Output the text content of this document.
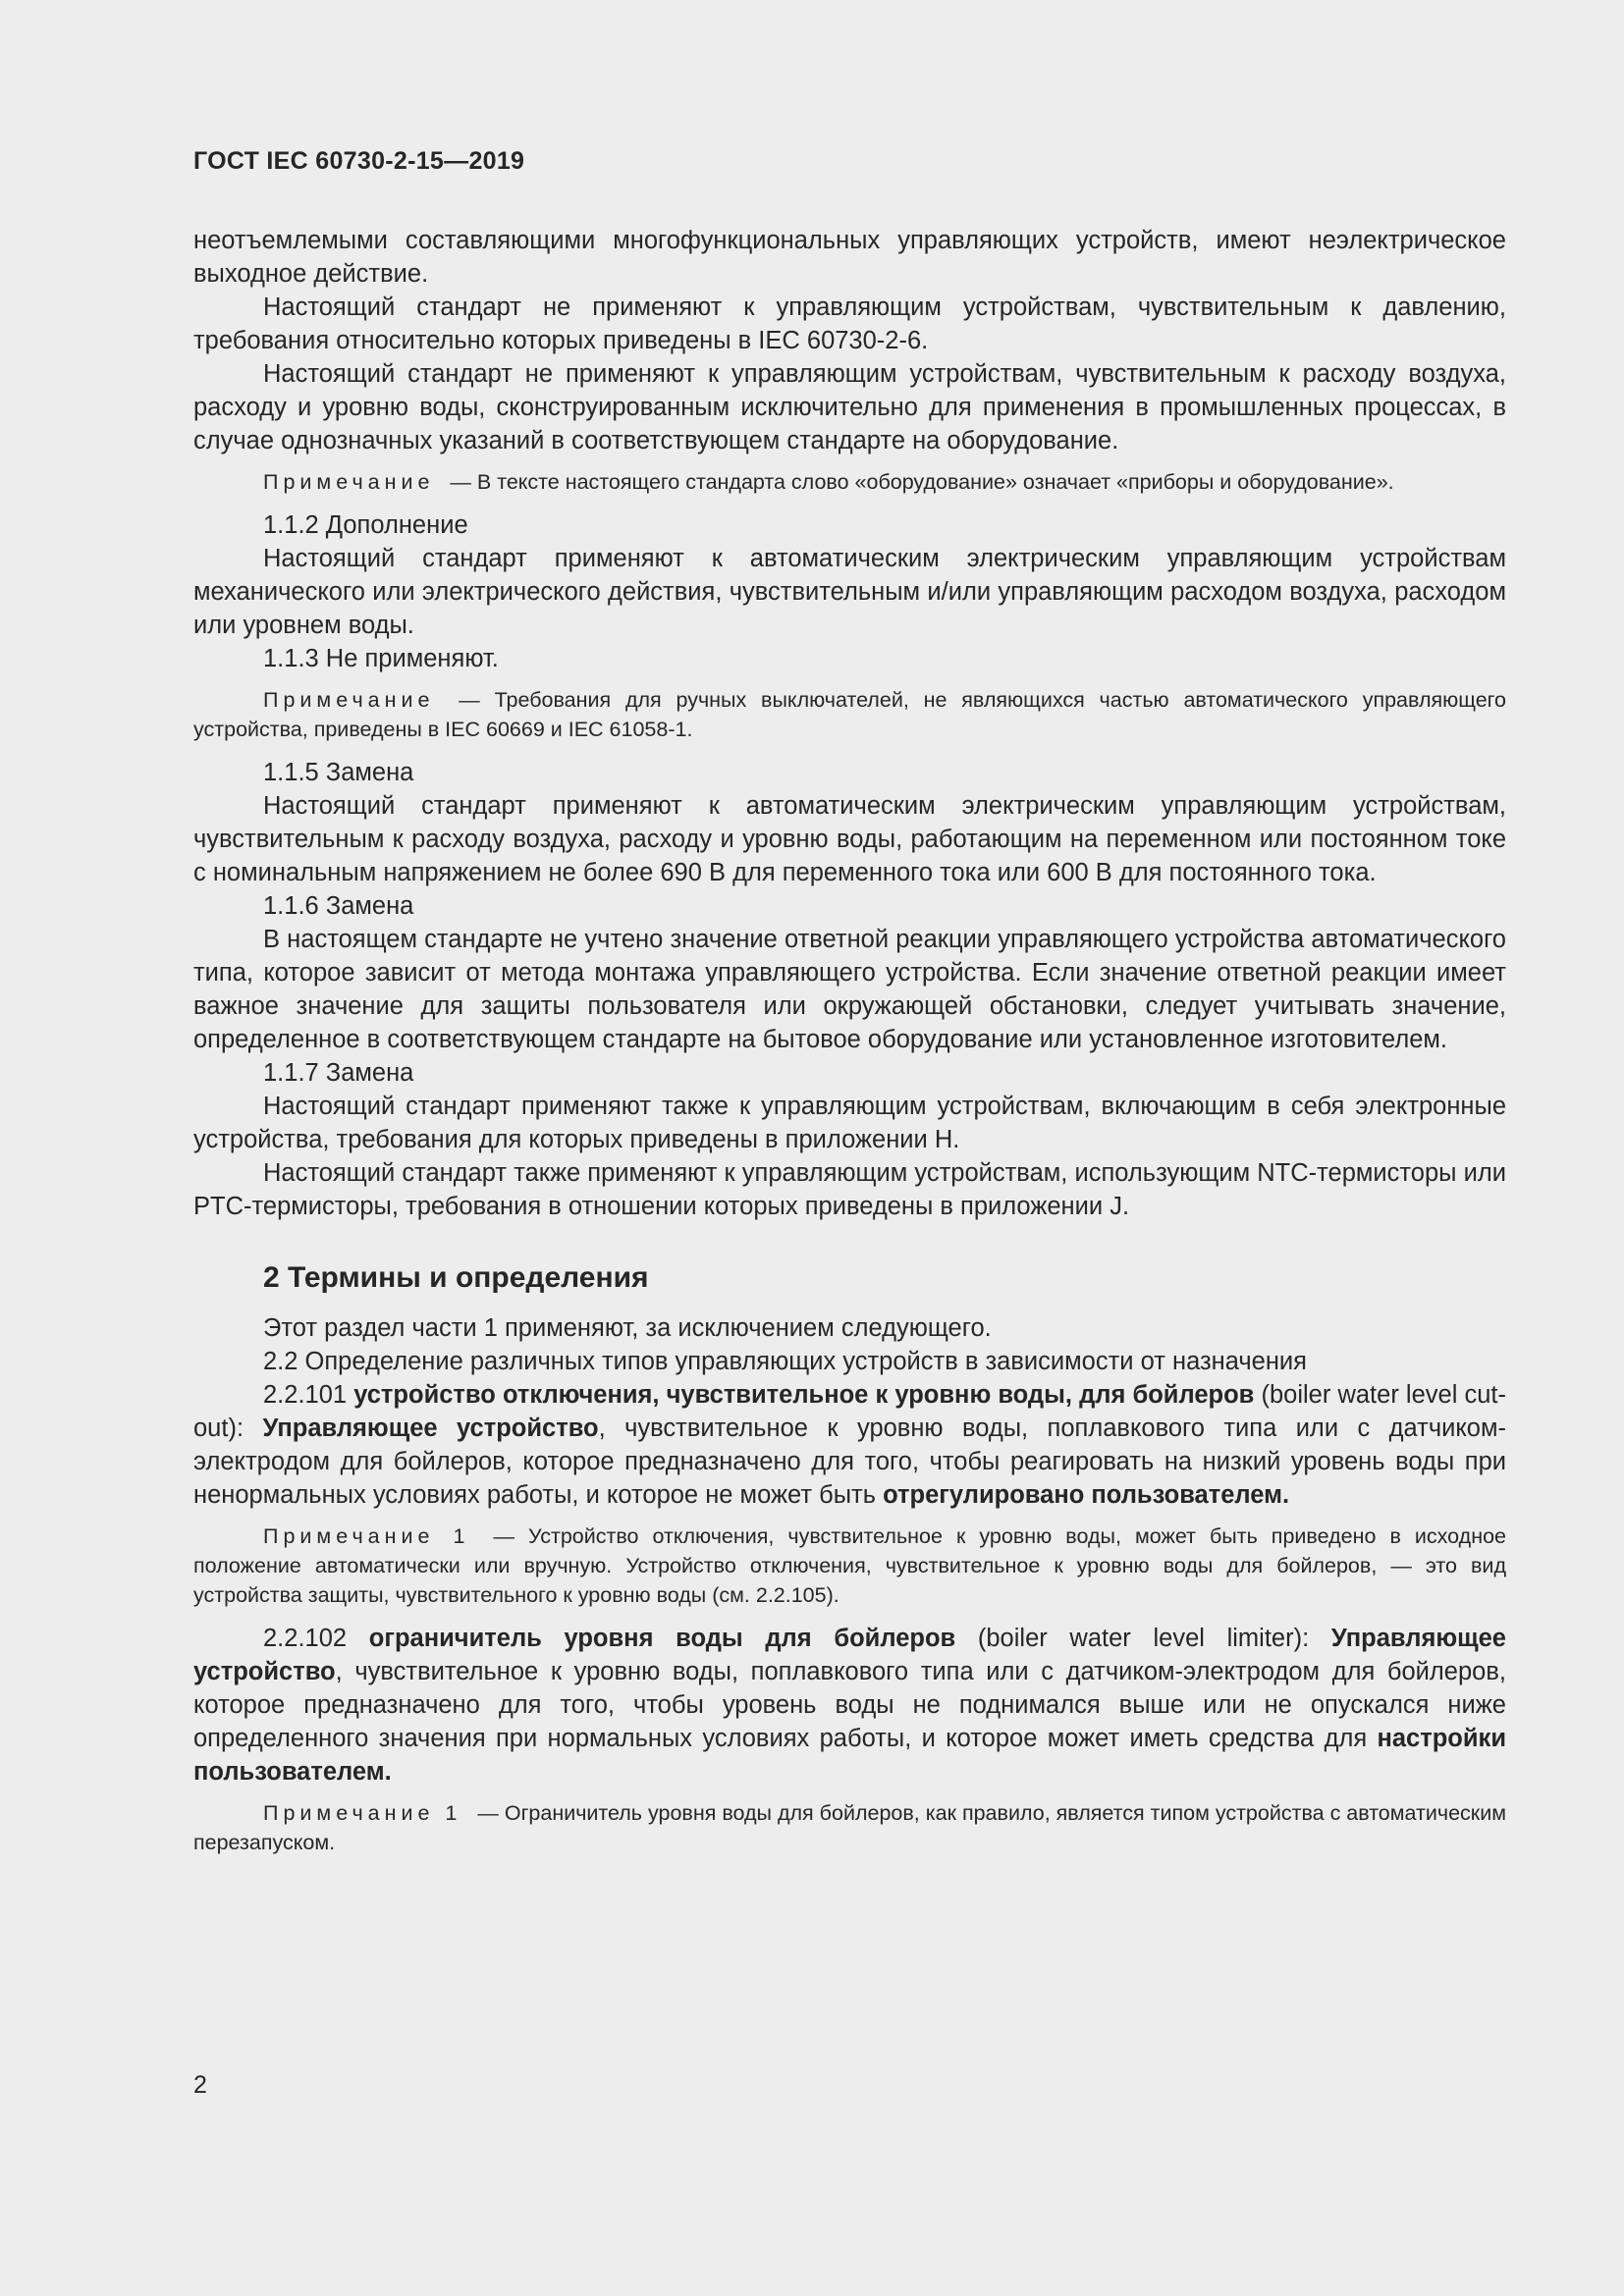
ГОСТ IEC 60730-2-15—2019

неотъемлемыми составляющими многофункциональных управляющих устройств, имеют неэлектрическое выходное действие.

Настоящий стандарт не применяют к управляющим устройствам, чувствительным к давлению, требования относительно которых приведены в IEC 60730-2-6.

Настоящий стандарт не применяют к управляющим устройствам, чувствительным к расходу воздуха, расходу и уровню воды, сконструированным исключительно для применения в промышленных процессах, в случае однозначных указаний в соответствующем стандарте на оборудование.

Примечание — В тексте настоящего стандарта слово «оборудование» означает «приборы и оборудование».

1.1.2 Дополнение

Настоящий стандарт применяют к автоматическим электрическим управляющим устройствам механического или электрического действия, чувствительным и/или управляющим расходом воздуха, расходом или уровнем воды.

1.1.3 Не применяют.

Примечание — Требования для ручных выключателей, не являющихся частью автоматического управляющего устройства, приведены в IEC 60669 и IEC 61058-1.

1.1.5 Замена

Настоящий стандарт применяют к автоматическим электрическим управляющим устройствам, чувствительным к расходу воздуха, расходу и уровню воды, работающим на переменном или постоянном токе с номинальным напряжением не более 690 В для переменного тока или 600 В для постоянного тока.

1.1.6 Замена

В настоящем стандарте не учтено значение ответной реакции управляющего устройства автоматического типа, которое зависит от метода монтажа управляющего устройства. Если значение ответной реакции имеет важное значение для защиты пользователя или окружающей обстановки, следует учитывать значение, определенное в соответствующем стандарте на бытовое оборудование или установленное изготовителем.

1.1.7 Замена

Настоящий стандарт применяют также к управляющим устройствам, включающим в себя электронные устройства, требования для которых приведены в приложении H.

Настоящий стандарт также применяют к управляющим устройствам, использующим NTC-термисторы или PTC-термисторы, требования в отношении которых приведены в приложении J.

2 Термины и определения

Этот раздел части 1 применяют, за исключением следующего.

2.2 Определение различных типов управляющих устройств в зависимости от назначения

2.2.101 устройство отключения, чувствительное к уровню воды, для бойлеров (boiler water level cut-out): Управляющее устройство, чувствительное к уровню воды, поплавкового типа или с датчиком-электродом для бойлеров, которое предназначено для того, чтобы реагировать на низкий уровень воды при ненормальных условиях работы, и которое не может быть отрегулировано пользователем.

Примечание 1 — Устройство отключения, чувствительное к уровню воды, может быть приведено в исходное положение автоматически или вручную. Устройство отключения, чувствительное к уровню воды для бойлеров, — это вид устройства защиты, чувствительного к уровню воды (см. 2.2.105).

2.2.102 ограничитель уровня воды для бойлеров (boiler water level limiter): Управляющее устройство, чувствительное к уровню воды, поплавкового типа или с датчиком-электродом для бойлеров, которое предназначено для того, чтобы уровень воды не поднимался выше или не опускался ниже определенного значения при нормальных условиях работы, и которое может иметь средства для настройки пользователем.

Примечание 1 — Ограничитель уровня воды для бойлеров, как правило, является типом устройства с автоматическим перезапуском.

2
